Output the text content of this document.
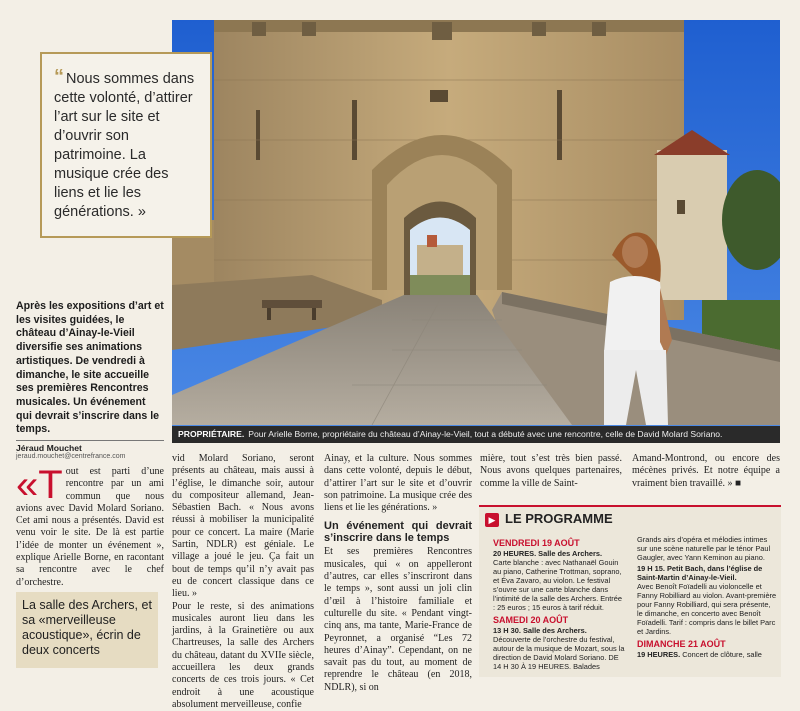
PROPRIÉTAIRE. Pour Arielle Borne, propriétaire du château d’Ainay-le-Vieil, tout a débuté avec une rencontre, celle de David Molard Soriano.
“ Nous sommes dans cette volonté, d’attirer l’art sur le site et d’ouvrir son patrimoine. La musique crée des liens et lie les générations. »
Après les expositions d’art et les visites guidées, le château d’Ainay-le-Vieil diversifie ses animations artistiques. De vendredi à dimanche, le site accueille ses premières Rencontres musicales. Un événement qui devrait s’inscrire dans le temps.
Jéraud Mouchet
jeraud.mouchet@centrefrance.com
«Tout est parti d’une rencontre par un ami commun que nous avions avec David Molard Soriano. Cet ami nous a présentés. David est venu voir le site. De là est partie l’idée de monter un événement », explique Arielle Borne, en racontant sa rencontre avec le chef d’orchestre.
La salle des Archers, et sa «merveilleuse acoustique», écrin de deux concerts

vid Molard Soriano, seront présents au château, mais aussi à l’église, le dimanche soir, autour du compositeur allemand, Jean-Sébastien Bach. « Nous avons réussi à mobiliser la municipalité pour ce concert. La maire (Marie Sartin, NDLR) est géniale. Le village a joué le jeu. Ça fait un bout de temps qu’il n’y avait pas eu de concert classique dans ce lieu. »

Pour le reste, si des animations musicales auront lieu dans les jardins, à la Grainetière ou aux Chartreuses, la salle des Archers du château, datant du XVIIe siècle, accueillera les deux grands concerts de ces trois jours. « Cet endroit à une acoustique absolument merveilleuse, confie

Ainay, et la culture. Nous sommes dans cette volonté, depuis le début, d’attirer l’art sur le site et d’ouvrir son patrimoine. La musique crée des liens et lie les générations. »

Un événement qui devrait s’inscrire dans le temps

Et ses premières Rencontres musicales, qui « on appelleront d’autres, car elles s’inscriront dans le temps », sont aussi un joli clin d’œil à l’histoire familiale et culturelle du site. « Pendant vingt-cinq ans, ma tante, Marie-France de Peyronnet, a organisé “Les 72 heures d’Ainay”. Cependant, on ne savait pas du tout, au moment de reprendre le château (en 2018, NDLR), si on

mière, tout s’est très bien passé. Nous avons quelques partenaires, comme la ville de Saint-

Amand-Montrond, ou encore des mécènes privés. Et notre équipe a vraiment bien travaillé. » ■

▶ LE PROGRAMME
VENDREDI 19 AOÛT
20 HEURES. Salle des Archers.
Carte blanche : avec Nathanaël Gouin au piano, Catherine Trottman, soprano, et Éva Zavaro, au violon. Le festival s’ouvre sur une carte blanche dans l’intimité de la salle des Archers. Entrée : 25 euros ; 15 euros à tarif réduit.
SAMEDI 20 AOÛT
13 H 30. Salle des Archers.
Découverte de l’orchestre du festival, autour de la musique de Mozart, sous la direction de David Molard Soriano. DE 14 H 30 À 19 HEURES. Balades
Grands airs d’opéra et mélodies intimes sur une scène naturelle par le ténor Paul Gaugler, avec Yann Keminon au piano.
19 H 15. Petit Bach, dans l’église de Saint-Martin d’Ainay-le-Vieil.
Avec Benoît Foïadelli au violoncelle et Fanny Robilliard au violon. Avant-première pour Fanny Robilliard, qui sera présente, le dimanche, en concerto avec Benoît Foïadelli. Tarif : compris dans le billet Parc et Jardins.
DIMANCHE 21 AOÛT
19 HEURES. Concert de clôture, salle
